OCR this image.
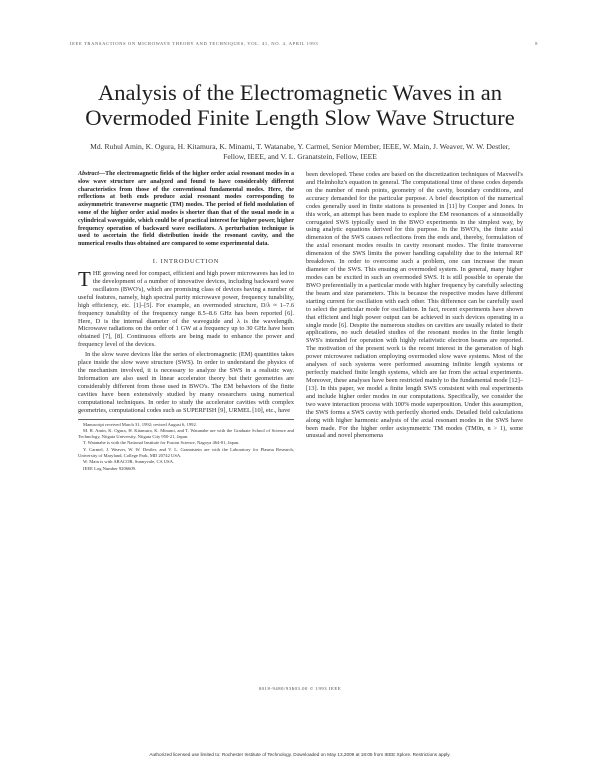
IEEE TRANSACTIONS ON MICROWAVE THEORY AND TECHNIQUES, VOL. 41, NO. 4, APRIL 1993	8
Analysis of the Electromagnetic Waves in an Overmoded Finite Length Slow Wave Structure
Md. Ruhul Amin, K. Ogura, H. Kitamura, K. Minami, T. Watanabe, Y. Carmel, Senior Member, IEEE, W. Main, J. Weaver, W. W. Destler, Fellow, IEEE, and V. L. Granatstein, Fellow, IEEE

Abstract—The electromagnetic fields of the higher order axial resonant modes in a slow wave structure are analyzed and found to have considerably different characteristics from those of the conventional fundamental modes. Here, the reflections at both ends produce axial resonant modes corresponding to axisymmetric transverse magnetic (TM) modes. The period of field modulation of some of the higher order axial modes is shorter than that of the usual mode in a cylindrical waveguide, which could be of practical interest for higher power, higher frequency operation of backward wave oscillators. A perturbation technique is used to ascertain the field distribution inside the resonant cavity, and the numerical results thus obtained are compared to some experimental data.

I. INTRODUCTION

THE growing need for compact, efficient and high power microwaves has led to the development of a number of innovative devices, including backward wave oscillators (BWO's), which are promising class of devices having a number of useful features, namely, high spectral purity microwave power, frequency tunability, high efficiency, etc. [1]–[5]. For example, an overmoded structure, D/λ ≈ 1–7.6 frequency tunability of the frequency range 8.5–8.6 GHz has been reported [6]. Here, D is the internal diameter of the waveguide and λ is the wavelength. Microwave radiations on the order of 1 GW at a frequency up to 30 GHz have been obtained [7], [8]. Continuous efforts are being made to enhance the power and frequency level of the devices.

In the slow wave devices like the series of electromagnetic (EM) quantities takes place inside the slow wave structure (SWS). In order to understand the physics of the mechanism involved, it is necessary to analyze the SWS in a realistic way. Information are also used in linear accelerator theory but their geometries are considerably different from those used in BWO's. The EM behaviors of the finite cavities have been extensively studied by many researchers using numerical computational techniques. In order to study the accelerator cavities with complex geometries, computational codes such as SUPERFISH [9], URMEL [10], etc., have

Manuscript received March 31, 1992; revised August 6, 1992.

M. R. Amin, K. Ogura, H. Kitamura, K. Minami, and T. Watanabe are with the Graduate School of Science and Technology, Niigata University, Niigata City 950-21, Japan.

T. Watanabe is with the National Institute for Fusion Science, Nagoya 464-01, Japan.

Y. Carmel, J. Weaver, W. W. Destler, and V. L. Granatstein are with the Laboratory for Plasma Research, University of Maryland, College Park, MD 20742 USA.

W. Main is with ARACOR, Sunnyvale, CA USA.

IEEE Log Number 9206609.

been developed. These codes are based on the discretization techniques of Maxwell's and Helmholtz's equation in general. The computational time of these codes depends on the number of mesh points, geometry of the cavity, boundary conditions, and accuracy demanded for the particular purpose. A brief description of the numerical codes generally used in finite stations is presented in [11] by Cooper and Jones. In this work, an attempt has been made to explore the EM resonances of a sinusoidally corrugated SWS typically used in the BWO experiments in the simplest way, by using analytic equations derived for this purpose. In the BWO's, the finite axial dimension of the SWS causes reflections from the ends and, thereby, formulation of the axial resonant modes results in cavity resonant modes. The finite transverse dimension of the SWS limits the power handling capability due to the internal RF breakdown. In order to overcome such a problem, one can increase the mean diameter of the SWS. This ensuing an overmoded system. In general, many higher modes can be excited in such an overmoded SWS. It is still possible to operate the BWO preferentially in a particular mode with higher frequency by carefully selecting the beam and size parameters. This is because the respective modes have different starting current for oscillation with each other. This difference can be carefully used to select the particular mode for oscillation. In fact, recent experiments have shown that efficient and high power output can be achieved in such devices operating in a single mode [6]. Despite the numerous studies on cavities are usually related to their applications, no such detailed studies of the resonant modes in the finite length SWS's intended for operation with highly relativistic electron beams are reported. The motivation of the present work is the recent interest in the generation of high power microwave radiation employing overmoded slow wave systems. Most of the analyses of such systems were performed assuming infinite length systems or perfectly matched finite length systems, which are far from the actual experiments. Moreover, these analyses have been restricted mainly to the fundamental mode [12]–[13]. In this paper, we model a finite length SWS consistent with real experiments and include higher order modes in our computations. Specifically, we consider the two wave interaction process with 100% mode superposition. Under this assumption, the SWS forms a SWS cavity with perfectly shorted ends. Detailed field calculations along with higher harmonic analysis of the axial resonant modes in the SWS have been made. For the higher order axisymmetric TM modes (TM0n, n > 1), some unusual and novel phenomena

0018-9480/93$03.00 © 1993 IEEE
Authorized licensed use limited to: Rochester Institute of Technology. Downloaded on May 13,2009 at 18:05 from IEEE Xplore. Restrictions apply.
